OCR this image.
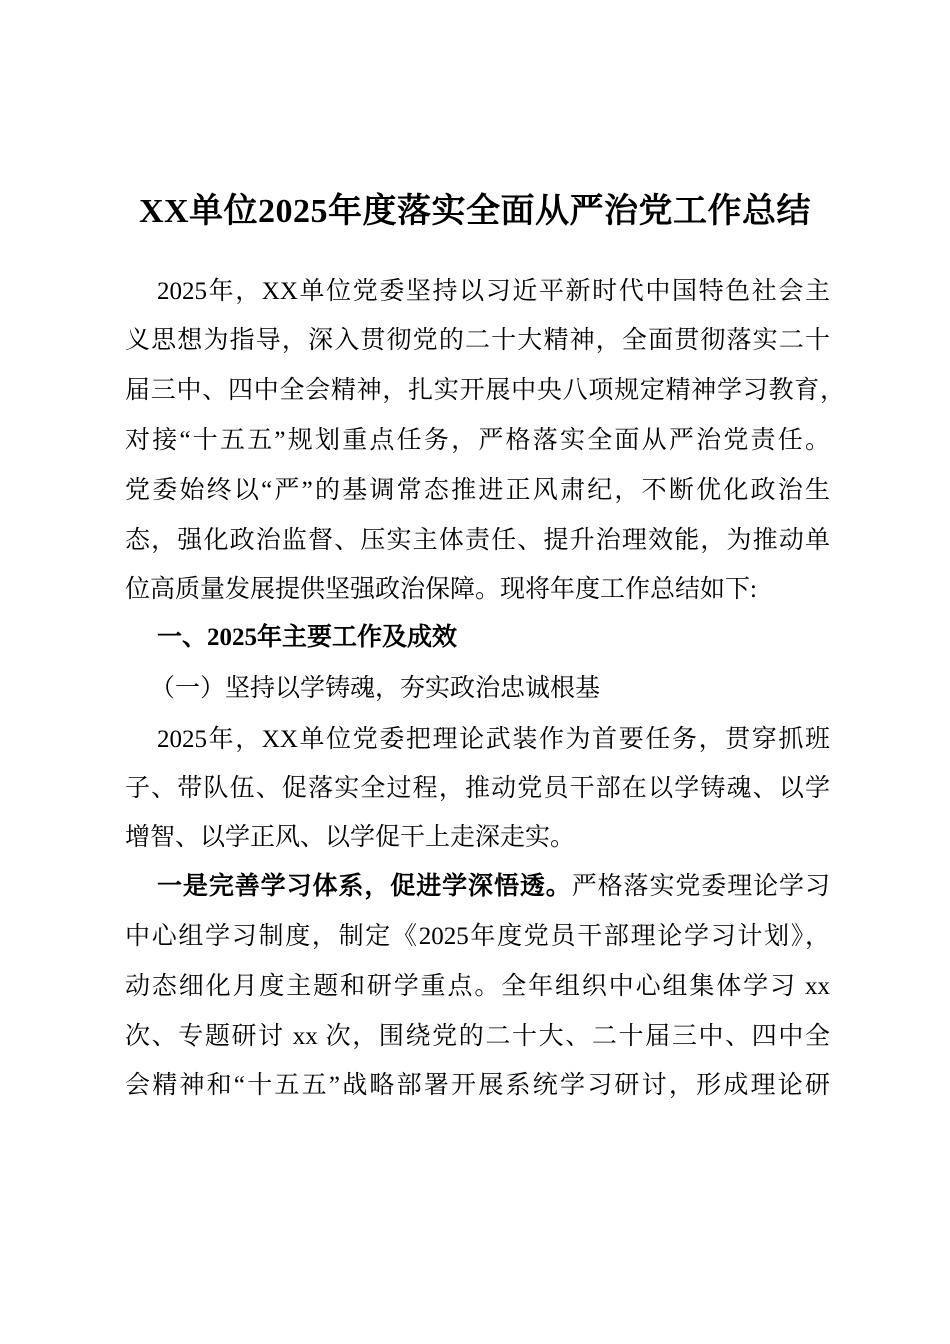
XX单位2025年度落实全面从严治党工作总结
2025年，XX单位党委坚持以习近平新时代中国特色社会主
义思想为指导，深入贯彻党的二十大精神，全面贯彻落实二十
届三中、四中全会精神，扎实开展中央八项规定精神学习教育，
对接“十五五”规划重点任务，严格落实全面从严治党责任。
党委始终以“严”的基调常态推进正风肃纪，不断优化政治生
态，强化政治监督、压实主体责任、提升治理效能，为推动单
位高质量发展提供坚强政治保障。现将年度工作总结如下:
一、2025年主要工作及成效
（一）坚持以学铸魂，夯实政治忠诚根基
2025年，XX单位党委把理论武装作为首要任务，贯穿抓班
子、带队伍、促落实全过程，推动党员干部在以学铸魂、以学
增智、以学正风、以学促干上走深走实。
一是完善学习体系，促进学深悟透。严格落实党委理论学习
中心组学习制度，制定《2025年度党员干部理论学习计划》，
动态细化月度主题和研学重点。全年组织中心组集体学习 xx
次、专题研讨 xx 次，围绕党的二十大、二十届三中、四中全
会精神和“十五五”战略部署开展系统学习研讨，形成理论研
